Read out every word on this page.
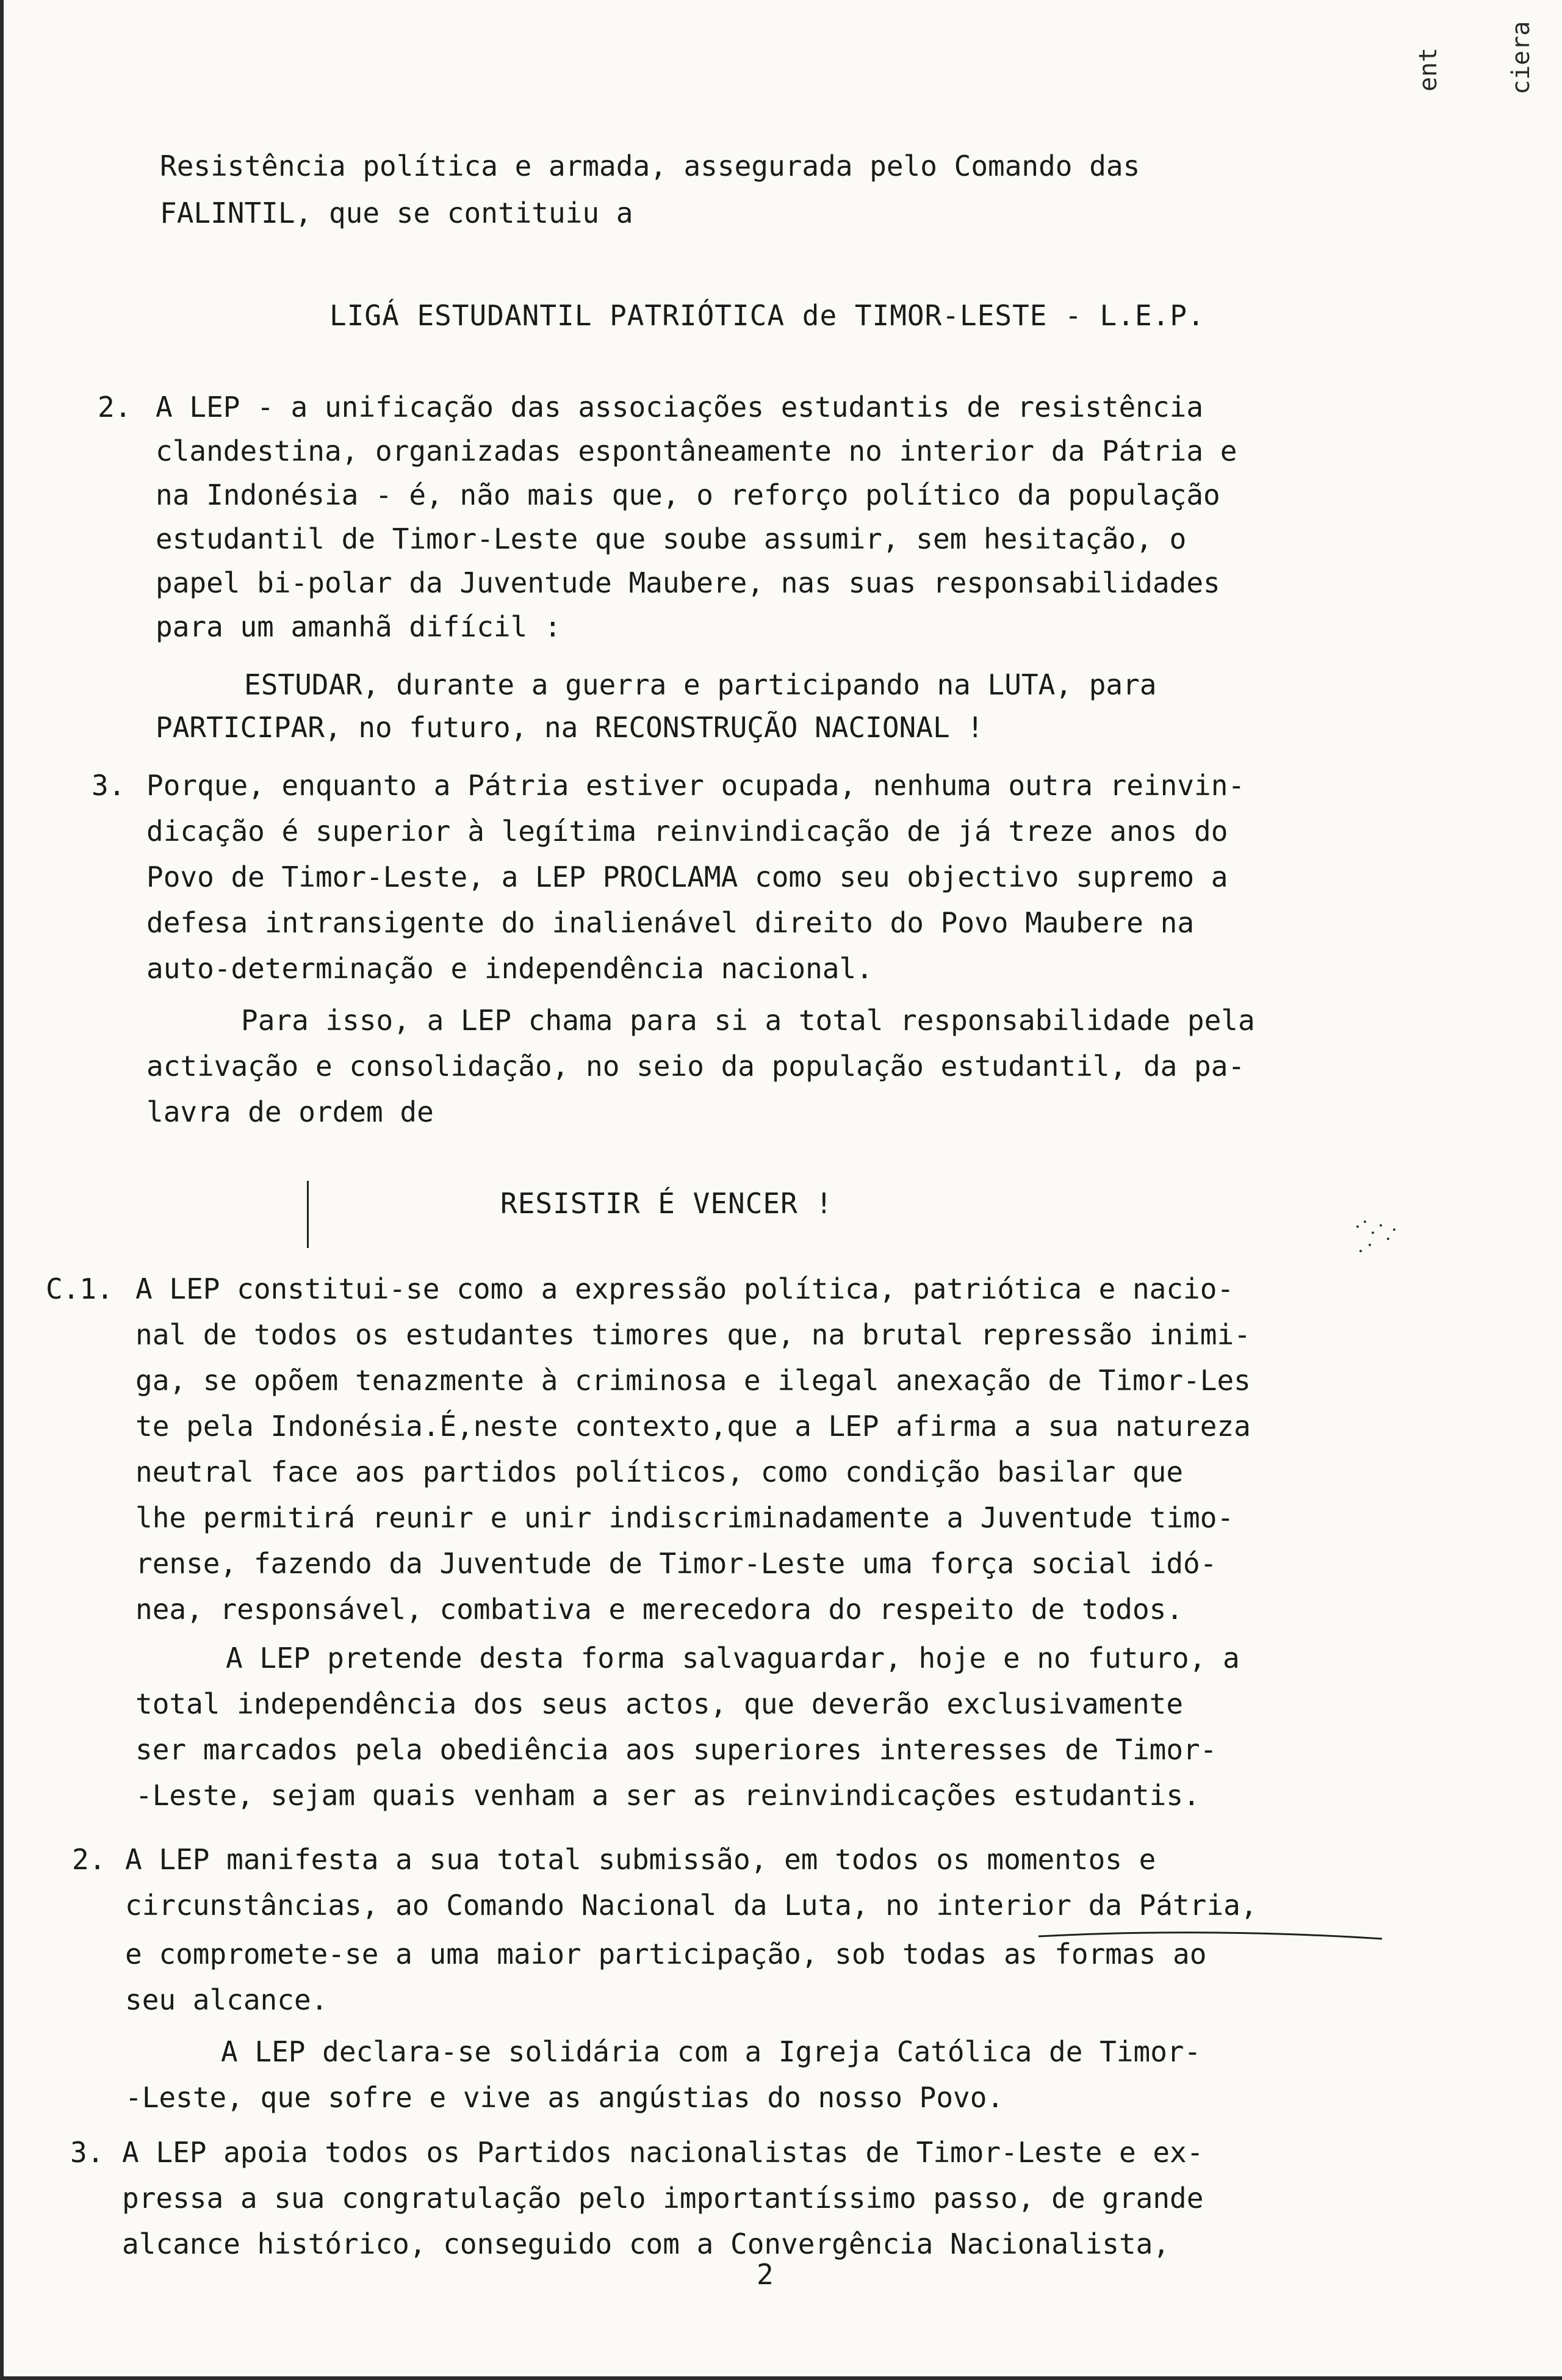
ent	ciera
Resistência política e armada, assegurada pelo Comando das
FALINTIL, que se contituiu a
LIGÁ ESTUDANTIL PATRIÓTICA de TIMOR-LESTE - L.E.P.
2. A LEP - a unificação das associações estudantis de resistência
clandestina, organizadas espontâneamente no interior da Pátria e
na Indonésia - é, não mais que, o reforço político da população
estudantil de Timor-Leste que soube assumir, sem hesitação, o
papel bi-polar da Juventude Maubere, nas suas responsabilidades
para um amanhã difícil :
ESTUDAR, durante a guerra e participando na LUTA, para
PARTICIPAR, no futuro, na RECONSTRUÇÃO NACIONAL !
3. Porque, enquanto a Pátria estiver ocupada, nenhuma outra reinvin-
dicação é superior à legítima reinvindicação de já treze anos do
Povo de Timor-Leste, a LEP PROCLAMA como seu objectivo supremo a
defesa intransigente do inalienável direito do Povo Maubere na
auto-determinação e independência nacional.
Para isso, a LEP chama para si a total responsabilidade pela
activação e consolidação, no seio da população estudantil, da pa-
lavra de ordem de
RESISTIR É VENCER !
C.1. A LEP constitui-se como a expressão política, patriótica e nacio-
nal de todos os estudantes timores que, na brutal repressão inimi-
ga, se opõem tenazmente à criminosa e ilegal anexação de Timor-Les
te pela Indonésia.É,neste contexto,que a LEP afirma a sua natureza
neutral face aos partidos políticos, como condição basilar que
lhe permitirá reunir e unir indiscriminadamente a Juventude timo-
rense, fazendo da Juventude de Timor-Leste uma força social idó-
nea, responsável, combativa e merecedora do respeito de todos.
A LEP pretende desta forma salvaguardar, hoje e no futuro, a
total independência dos seus actos, que deverão exclusivamente
ser marcados pela obediência aos superiores interesses de Timor-
-Leste, sejam quais venham a ser as reinvindicações estudantis.
2. A LEP manifesta a sua total submissão, em todos os momentos e
circunstâncias, ao Comando Nacional da Luta, no interior da Pátria,
e compromete-se a uma maior participação, sob todas as formas ao
seu alcance.
A LEP declara-se solidária com a Igreja Católica de Timor-
-Leste, que sofre e vive as angústias do nosso Povo.
3. A LEP apoia todos os Partidos nacionalistas de Timor-Leste e ex-
pressa a sua congratulação pelo importantíssimo passo, de grande
alcance histórico, conseguido com a Convergência Nacionalista,
2
